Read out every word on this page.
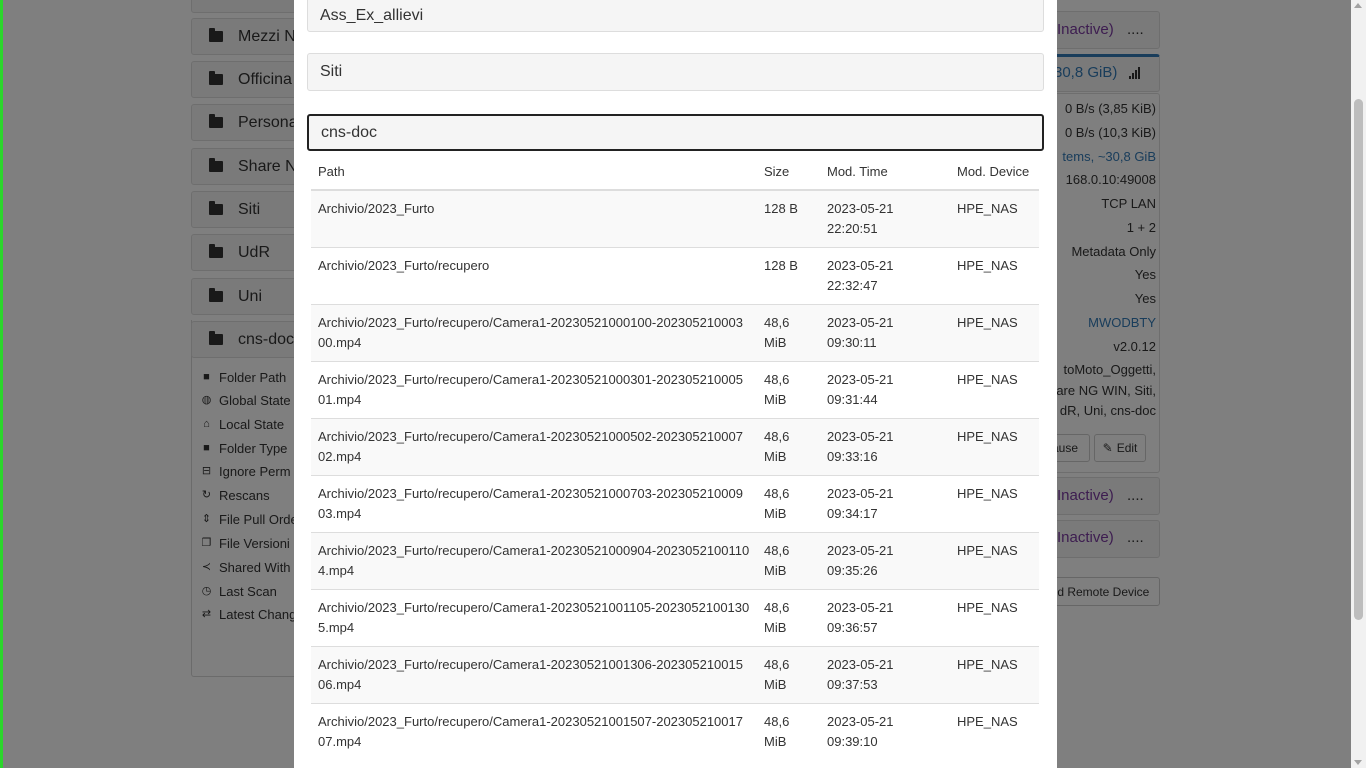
Ass_Ex_allievi
Siti
cns-doc
Path	Size	Mod. Time	Mod. Device
Archivio/2023_Furto	128 B	2023-05-21 22:20:51	HPE_NAS
Archivio/2023_Furto/recupero	128 B	2023-05-21 22:32:47	HPE_NAS
Archivio/2023_Furto/recupero/Camera1-20230521000100-20230521000300.mp4	48,6 MiB	2023-05-21 09:30:11	HPE_NAS
Archivio/2023_Furto/recupero/Camera1-20230521000301-20230521000501.mp4	48,6 MiB	2023-05-21 09:31:44	HPE_NAS
Archivio/2023_Furto/recupero/Camera1-20230521000502-20230521000702.mp4	48,6 MiB	2023-05-21 09:33:16	HPE_NAS
Archivio/2023_Furto/recupero/Camera1-20230521000703-20230521000903.mp4	48,6 MiB	2023-05-21 09:34:17	HPE_NAS
Archivio/2023_Furto/recupero/Camera1-20230521000904-20230521001104.mp4	48,6 MiB	2023-05-21 09:35:26	HPE_NAS
Archivio/2023_Furto/recupero/Camera1-20230521001105-20230521001305.mp4	48,6 MiB	2023-05-21 09:36:57	HPE_NAS
Archivio/2023_Furto/recupero/Camera1-20230521001306-20230521001506.mp4	48,6 MiB	2023-05-21 09:37:53	HPE_NAS
Archivio/2023_Furto/recupero/Camera1-20230521001507-20230521001707.mp4	48,6 MiB	2023-05-21 09:39:10	HPE_NAS
